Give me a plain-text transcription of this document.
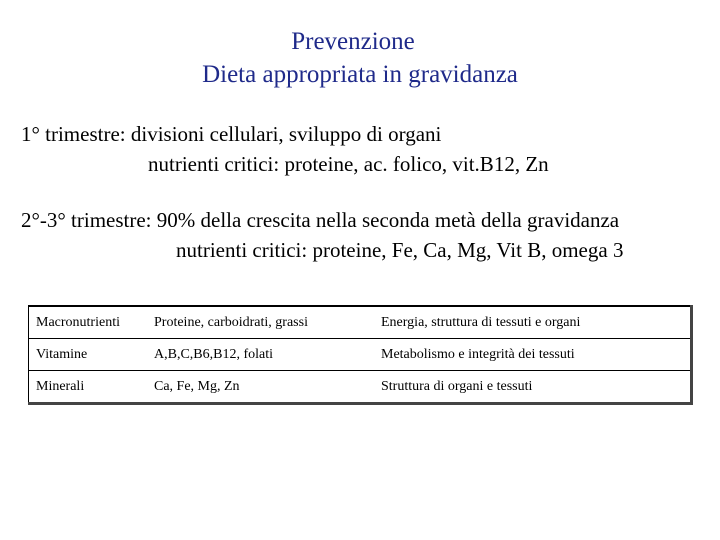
Prevenzione
Dieta appropriata in gravidanza
1° trimestre: divisioni cellulari, sviluppo di organi
nutrienti critici: proteine, ac. folico, vit.B12, Zn
2°-3° trimestre: 90% della crescita nella seconda metà della gravidanza
nutrienti critici: proteine, Fe, Ca, Mg, Vit B, omega 3
Macronutrienti	Proteine, carboidrati, grassi	Energia, struttura di tessuti e organi
Vitamine	A,B,C,B6,B12, folati	Metabolismo e integrità dei tessuti
Minerali	Ca, Fe, Mg, Zn	Struttura di organi e tessuti
